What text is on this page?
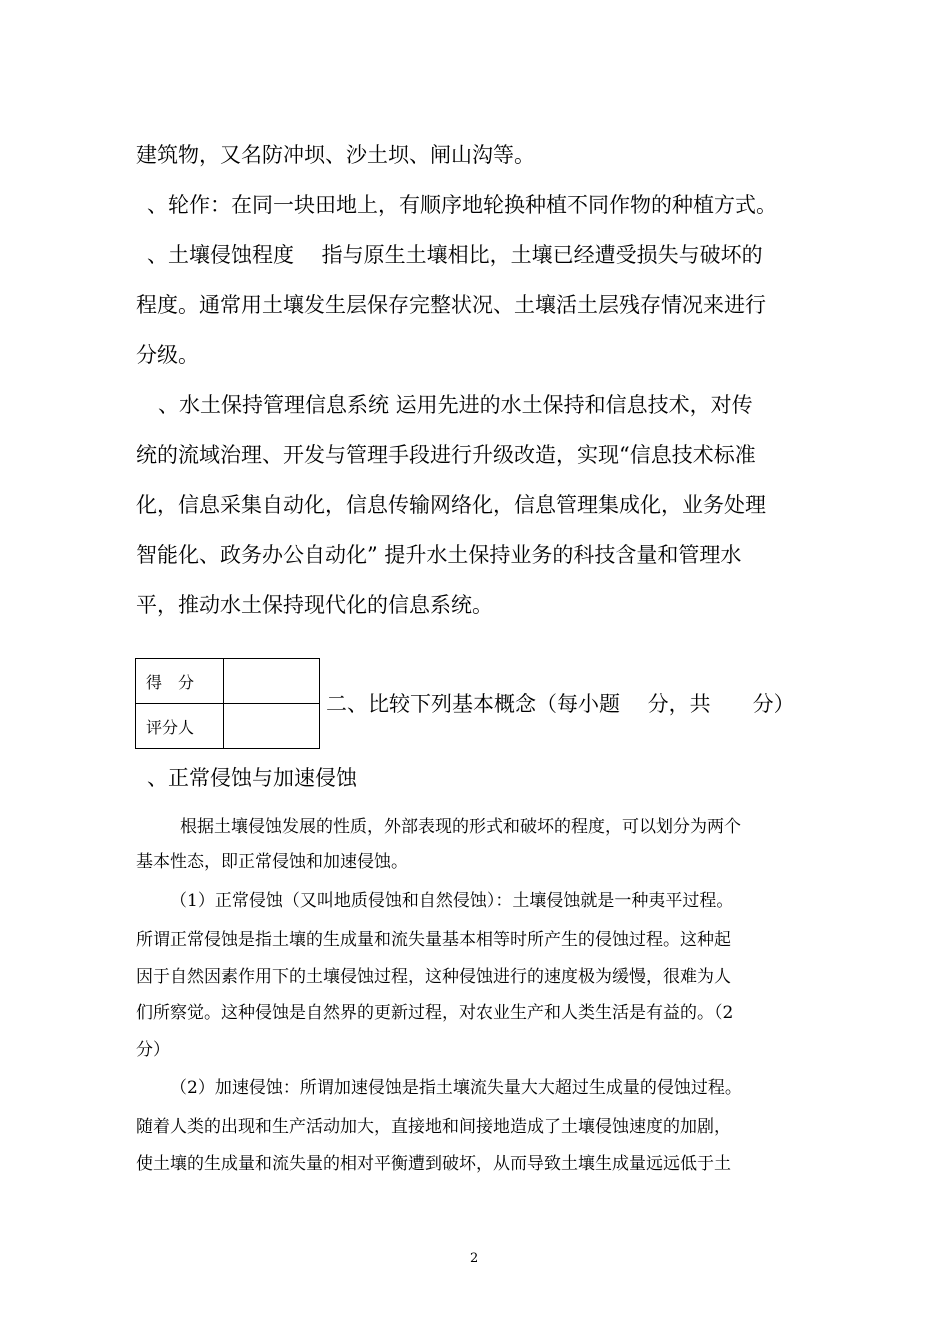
建筑物，又名防冲坝、沙土坝、闸山沟等。
、轮作：在同一块田地上，有顺序地轮换种植不同作物的种植方式。
、土壤侵蚀程度　 指与原生土壤相比，土壤已经遭受损失与破坏的
程度。通常用土壤发生层保存完整状况、土壤活土层残存情况来进行
分级。
、水土保持管理信息系统 运用先进的水土保持和信息技术，对传
统的流域治理、开发与管理手段进行升级改造，实现“信息技术标准
化，信息采集自动化，信息传输网络化，信息管理集成化，业务处理
智能化、政务办公自动化” 提升水土保持业务的科技含量和管理水
平，推动水土保持现代化的信息系统。
得　分	
评分人	
二、比较下列基本概念（每小题　 分，共　　分）
、正常侵蚀与加速侵蚀
根据土壤侵蚀发展的性质，外部表现的形式和破坏的程度，可以划分为两个
基本性态，即正常侵蚀和加速侵蚀。
（1）正常侵蚀（又叫地质侵蚀和自然侵蚀）：土壤侵蚀就是一种夷平过程。
所谓正常侵蚀是指土壤的生成量和流失量基本相等时所产生的侵蚀过程。这种起
因于自然因素作用下的土壤侵蚀过程，这种侵蚀进行的速度极为缓慢，很难为人
们所察觉。这种侵蚀是自然界的更新过程，对农业生产和人类生活是有益的。（2
分）
（2）加速侵蚀：所谓加速侵蚀是指土壤流失量大大超过生成量的侵蚀过程。
随着人类的出现和生产活动加大，直接地和间接地造成了土壤侵蚀速度的加剧，
使土壤的生成量和流失量的相对平衡遭到破坏，从而导致土壤生成量远远低于土
2
